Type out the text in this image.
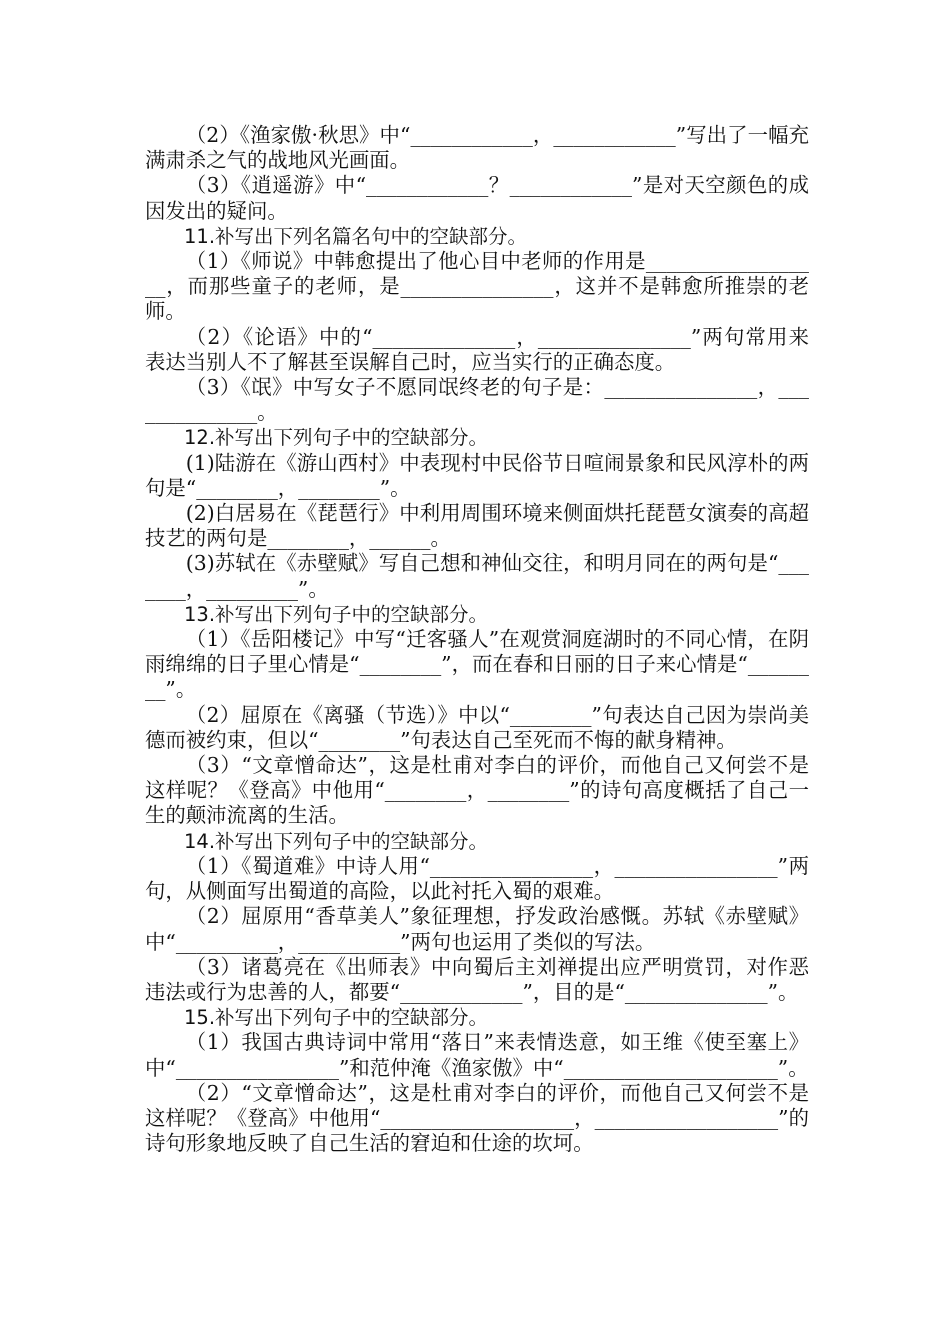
（2）《渔家傲·秋思》中“____________，____________”写出了一幅充满肃杀之气的战地风光画面。

（3）《逍遥游》中“____________？____________”是对天空颜色的成因发出的疑问。

11.补写出下列名篇名句中的空缺部分。

（1）《师说》中韩愈提出了他心目中老师的作用是__________________，而那些童子的老师，是_______________，这并不是韩愈所推崇的老师。

（2）《论语》中的“______________，_______________”两句常用来表达当别人不了解甚至误解自己时，应当实行的正确态度。

（3）《氓》中写女子不愿同氓终老的句子是：_______________，______________。

12.补写出下列句子中的空缺部分。

(1)陆游在《游山西村》中表现村中民俗节日喧闹景象和民风淳朴的两句是“________，________”。

(2)白居易在《琵琶行》中利用周围环境来侧面烘托琵琶女演奏的高超技艺的两句是________，______。

(3)苏轼在《赤壁赋》写自己想和神仙交往，和明月同在的两句是“_______，_________”。

13.补写出下列句子中的空缺部分。

（1）《岳阳楼记》中写“迁客骚人”在观赏洞庭湖时的不同心情，在阴雨绵绵的日子里心情是“________”，而在春和日丽的日子来心情是“________”。

（2）屈原在《离骚（节选）》中以“________”句表达自己因为崇尚美德而被约束，但以“________”句表达自己至死而不悔的献身精神。

（3）“文章憎命达”，这是杜甫对李白的评价，而他自己又何尝不是这样呢？《登高》中他用“________，________”的诗句高度概括了自己一生的颠沛流离的生活。

14.补写出下列句子中的空缺部分。

（1）《蜀道难》中诗人用“________________，________________”两句，从侧面写出蜀道的高险，以此衬托入蜀的艰难。

（2）屈原用“香草美人”象征理想，抒发政治感慨。苏轼《赤壁赋》中“__________，__________”两句也运用了类似的写法。

（3）诸葛亮在《出师表》中向蜀后主刘禅提出应严明赏罚，对作恶违法或行为忠善的人，都要“____________”，目的是“______________”。

15.补写出下列句子中的空缺部分。

（1）我国古典诗词中常用“落日”来表情迭意，如王维《使至塞上》中“________________”和范仲淹《渔家傲》中“_____________________”。

（2）“文章憎命达”，这是杜甫对李白的评价，而他自己又何尝不是这样呢？《登高》中他用“___________________，__________________”的诗句形象地反映了自己生活的窘迫和仕途的坎坷。
